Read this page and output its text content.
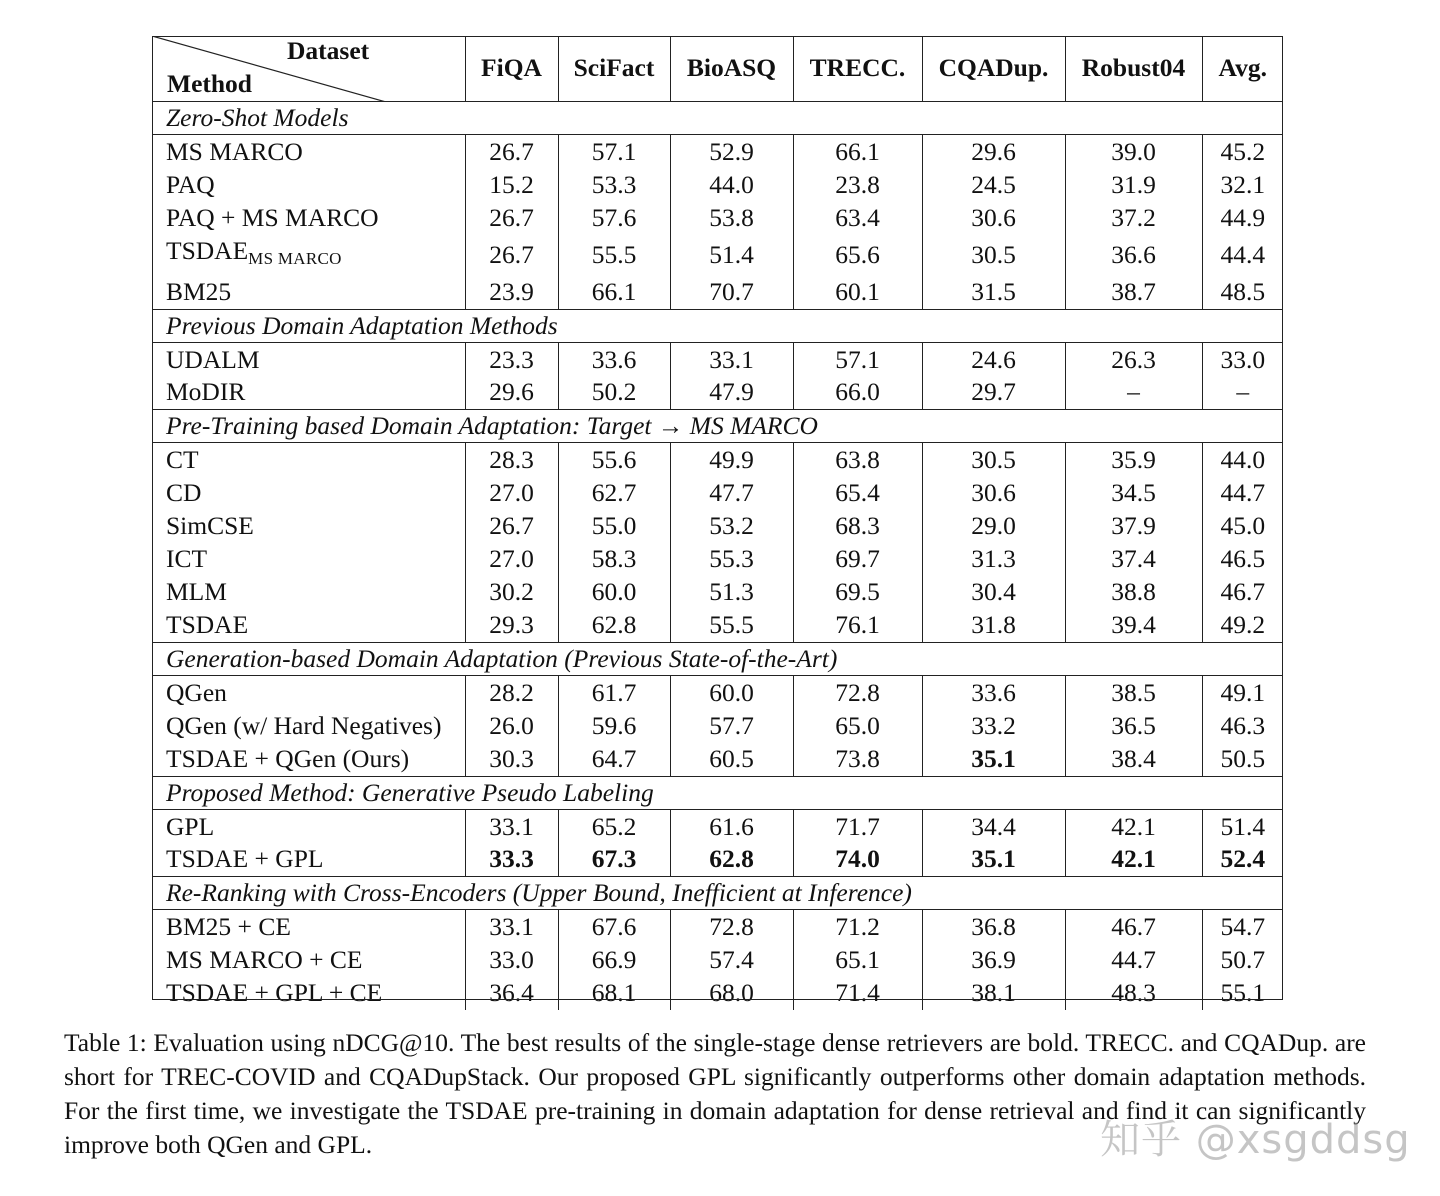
Dataset
Method	FiQA	SciFact	BioASQ	TRECC.	CQADup.	Robust04	Avg.
Zero-Shot Models							
MS MARCO	26.7	57.1	52.9	66.1	29.6	39.0	45.2
PAQ	15.2	53.3	44.0	23.8	24.5	31.9	32.1
PAQ + MS MARCO	26.7	57.6	53.8	63.4	30.6	37.2	44.9
$TSDAE_{MS MARCO}$	26.7	55.5	51.4	65.6	30.5	36.6	44.4
BM25	23.9	66.1	70.7	60.1	31.5	38.7	48.5
Previous Domain Adaptation Methods							
UDALM	23.3	33.6	33.1	57.1	24.6	26.3	33.0
MoDIR	29.6	50.2	47.9	66.0	29.7	–	–
Pre-Training based Domain Adaptation: Target → MS MARCO							
CT	28.3	55.6	49.9	63.8	30.5	35.9	44.0
CD	27.0	62.7	47.7	65.4	30.6	34.5	44.7
SimCSE	26.7	55.0	53.2	68.3	29.0	37.9	45.0
ICT	27.0	58.3	55.3	69.7	31.3	37.4	46.5
MLM	30.2	60.0	51.3	69.5	30.4	38.8	46.7
TSDAE	29.3	62.8	55.5	76.1	31.8	39.4	49.2
Generation-based Domain Adaptation (Previous State-of-the-Art)							
QGen	28.2	61.7	60.0	72.8	33.6	38.5	49.1
QGen (w/ Hard Negatives)	26.0	59.6	57.7	65.0	33.2	36.5	46.3
TSDAE + QGen (Ours)	30.3	64.7	60.5	73.8	35.1	38.4	50.5
Proposed Method: Generative Pseudo Labeling							
GPL	33.1	65.2	61.6	71.7	34.4	42.1	51.4
TSDAE + GPL	33.3	67.3	62.8	74.0	35.1	42.1	52.4
Re-Ranking with Cross-Encoders (Upper Bound, Inefficient at Inference)							
BM25 + CE	33.1	67.6	72.8	71.2	36.8	46.7	54.7
MS MARCO + CE	33.0	66.9	57.4	65.1	36.9	44.7	50.7
TSDAE + GPL + CE	36.4	68.1	68.0	71.4	38.1	48.3	55.1

Table 1: Evaluation using nDCG@10. The best results of the single-stage dense retrievers are bold. TRECC. and CQADup. are short for TREC-COVID and CQADupStack. Our proposed GPL significantly outperforms other domain adaptation methods. For the first time, we investigate the TSDAE pre-training in domain adaptation for dense retrieval and find it can significantly improve both QGen and GPL.	知乎 @xsgddsg
